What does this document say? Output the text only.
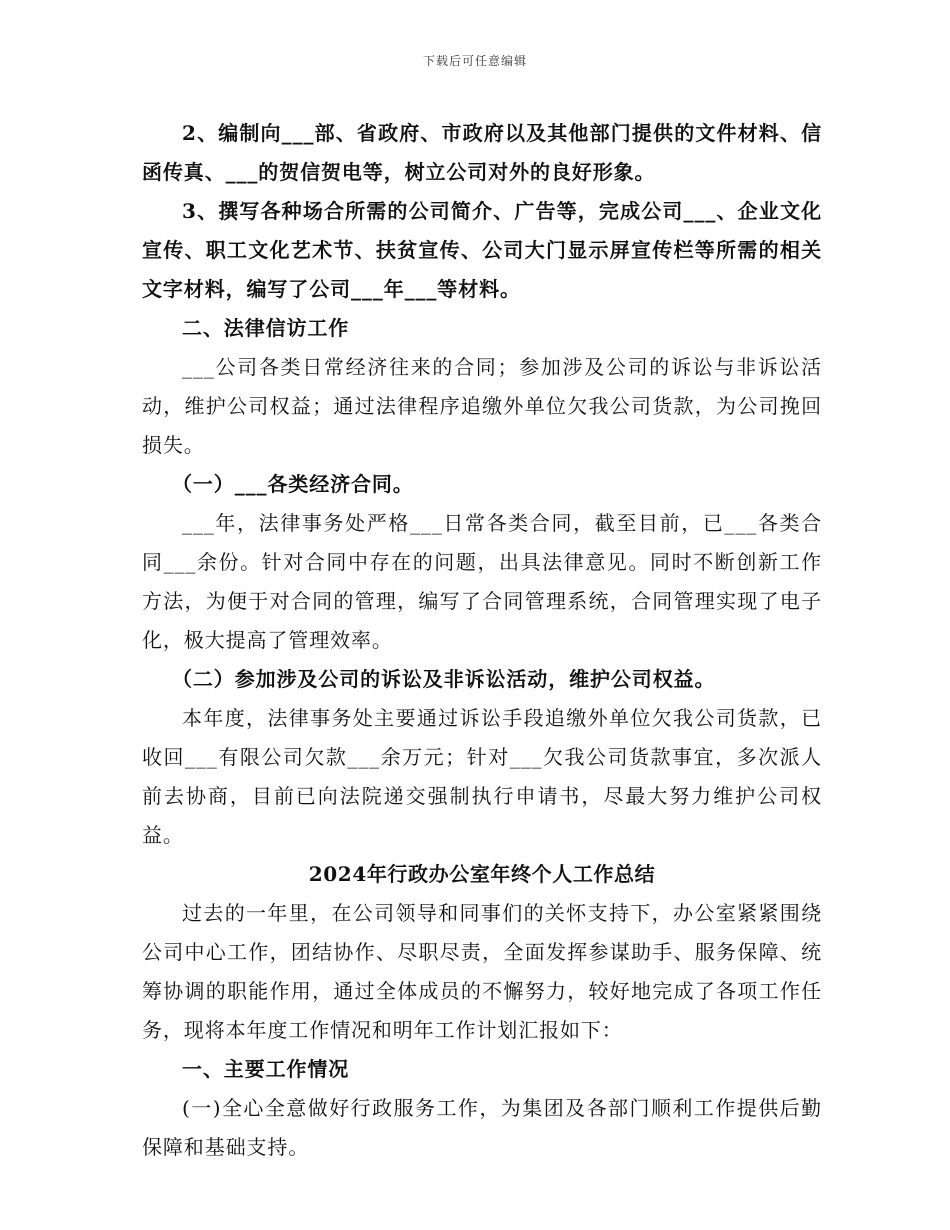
下载后可任意编辑

2、编制向___部、省政府、市政府以及其他部门提供的文件材料、信函传真、___的贺信贺电等，树立公司对外的良好形象。

3、撰写各种场合所需的公司简介、广告等，完成公司___、企业文化宣传、职工文化艺术节、扶贫宣传、公司大门显示屏宣传栏等所需的相关文字材料，编写了公司___年___等材料。

二、法律信访工作

___公司各类日常经济往来的合同；参加涉及公司的诉讼与非诉讼活动，维护公司权益；通过法律程序追缴外单位欠我公司货款，为公司挽回损失。

（一）___各类经济合同。

___年，法律事务处严格___日常各类合同，截至目前，已___各类合同___余份。针对合同中存在的问题，出具法律意见。同时不断创新工作方法，为便于对合同的管理，编写了合同管理系统，合同管理实现了电子化，极大提高了管理效率。

（二）参加涉及公司的诉讼及非诉讼活动，维护公司权益。

本年度，法律事务处主要通过诉讼手段追缴外单位欠我公司货款，已收回___有限公司欠款___余万元；针对___欠我公司货款事宜，多次派人前去协商，目前已向法院递交强制执行申请书，尽最大努力维护公司权益。

2024年行政办公室年终个人工作总结

过去的一年里，在公司领导和同事们的关怀支持下，办公室紧紧围绕公司中心工作，团结协作、尽职尽责，全面发挥参谋助手、服务保障、统筹协调的职能作用，通过全体成员的不懈努力，较好地完成了各项工作任务，现将本年度工作情况和明年工作计划汇报如下：

一、主要工作情况

(一)全心全意做好行政服务工作，为集团及各部门顺利工作提供后勤保障和基础支持。
